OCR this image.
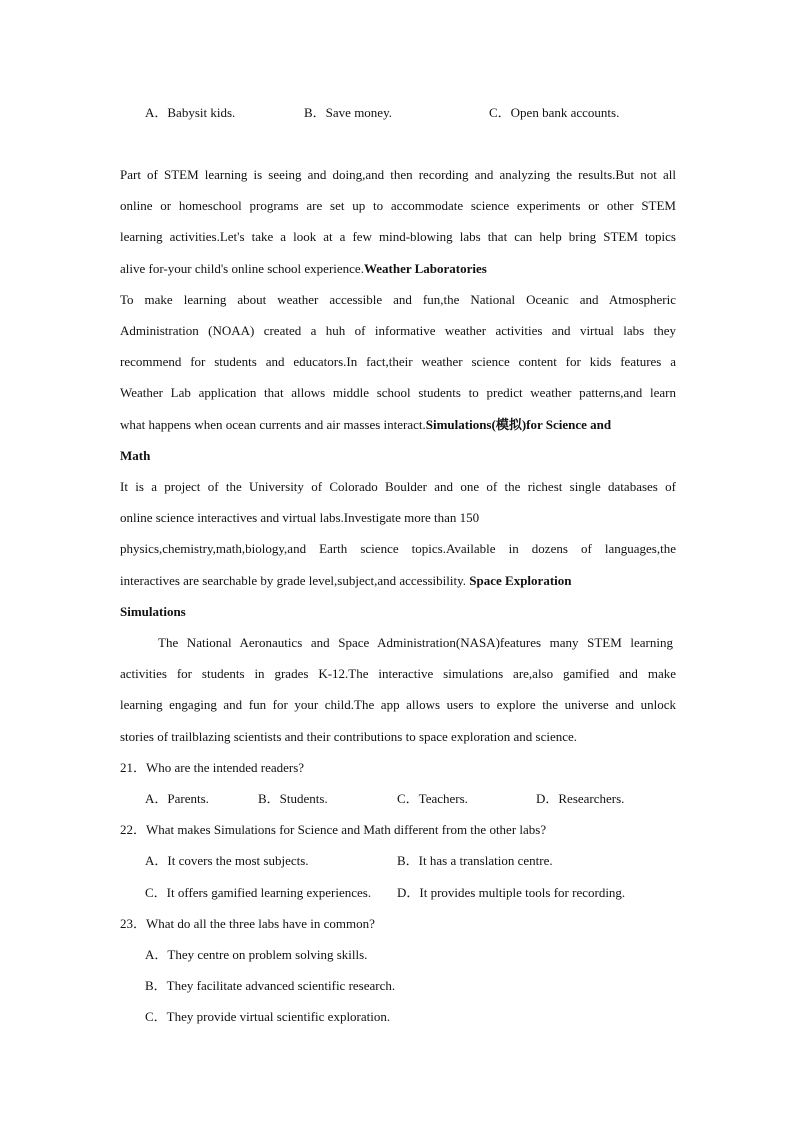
A．Babysit kids.	B．Save money.	C．Open bank accounts.
Part of STEM learning is seeing and doing,and then recording and analyzing the results.But not all
online or homeschool programs are set up to accommodate science experiments or other STEM
learning activities.Let's take a look at a few mind-blowing labs that can help bring STEM topics
alive for-your child's online school experience.Weather Laboratories
To make learning about weather accessible and fun,the National Oceanic and Atmospheric
Administration (NOAA) created a huh of informative weather activities and virtual labs they
recommend for students and educators.In fact,their weather science content for kids features a
Weather Lab application that allows middle school students to predict weather patterns,and learn
what happens when ocean currents and air masses interact.Simulations(模拟)for Science and
Math
It is a project of the University of Colorado Boulder and one of the richest single databases of
online science interactives and virtual labs.Investigate more than 150
physics,chemistry,math,biology,and Earth science topics.Available in dozens of languages,the
interactives are searchable by grade level,subject,and accessibility. Space Exploration
Simulations
The National Aeronautics and Space Administration(NASA)features many STEM learning
activities for students in grades K-12.The interactive simulations are,also gamified and make
learning engaging and fun for your child.The app allows users to explore the universe and unlock
stories of trailblazing scientists and their contributions to space exploration and science.
21．Who are the intended readers?
A．Parents.	B．Students.	C．Teachers.	D．Researchers.
22．What makes Simulations for Science and Math different from the other labs?
A．It covers the most subjects.	B．It has a translation centre.
C．It offers gamified learning experiences. D．It provides multiple tools for recording.
23．What do all the three labs have in common?
A．They centre on problem solving skills.
B．They facilitate advanced scientific research.
C．They provide virtual scientific exploration.
